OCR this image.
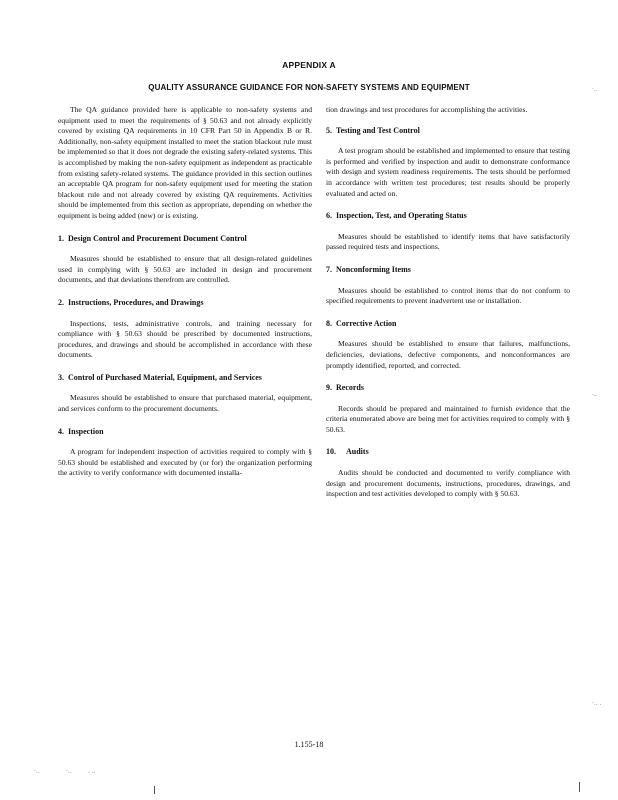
APPENDIX A
QUALITY ASSURANCE GUIDANCE FOR NON-SAFETY SYSTEMS AND EQUIPMENT

The QA guidance provided here is applicable to non-safety systems and equipment used to meet the requirements of § 50.63 and not already explicitly covered by existing QA requirements in 10 CFR Part 50 in Appendix B or R. Additionally, non-safety equipment installed to meet the station blackout rule must be implemented so that it does not degrade the existing safety-related systems. This is accomplished by making the non-safety equipment as independent as practicable from existing safety-related systems. The guidance provided in this section outlines an acceptable QA program for non-safety equipment used for meeting the station blackout rule and not already covered by existing QA requirements. Activities should be implemented from this section as appropriate, depending on whether the equipment is being added (new) or is existing.

1. Design Control and Procurement Document Control

Measures should be established to ensure that all design-related guidelines used in complying with § 50.63 are included in design and procurement documents, and that deviations therefrom are controlled.

2. Instructions, Procedures, and Drawings

Inspections, tests, administrative controls, and training necessary for compliance with § 50.63 should be prescribed by documented instructions, procedures, and drawings and should be accomplished in accordance with these documents.

3. Control of Purchased Material, Equipment, and Services

Measures should be established to ensure that purchased material, equipment, and services conform to the procurement documents.

4. Inspection

A program for independent inspection of activities required to comply with § 50.63 should be established and executed by (or for) the organization performing the activity to verify conformance with documented installa-

tion drawings and test procedures for accomplishing the activities.

5. Testing and Test Control

A test program should be established and implemented to ensure that testing is performed and verified by inspection and audit to demonstrate conformance with design and system readiness requirements. The tests should be performed in accordance with written test procedures; test results should be properly evaluated and acted on.

6. Inspection, Test, and Operating Status

Measures should be established to identify items that have satisfactorily passed required tests and inspections.

7. Nonconforming Items

Measures should be established to control items that do not conform to specified requirements to prevent inadvertent use or installation.

8. Corrective Action

Measures should be established to ensure that failures, malfunctions, deficiencies, deviations, defective components, and nonconformances are promptly identified, reported, and corrected.

9. Records

Records should be prepared and maintained to furnish evidence that the criteria enumerated above are being met for activities required to comply with § 50.63.

10. Audits

Audits should be conducted and documented to verify compliance with design and procurement documents, instructions, procedures, drawings, and inspection and test activities developed to comply with § 50.63.

1.155-18
·..
·–
·.. .
·..	·..	. ..
